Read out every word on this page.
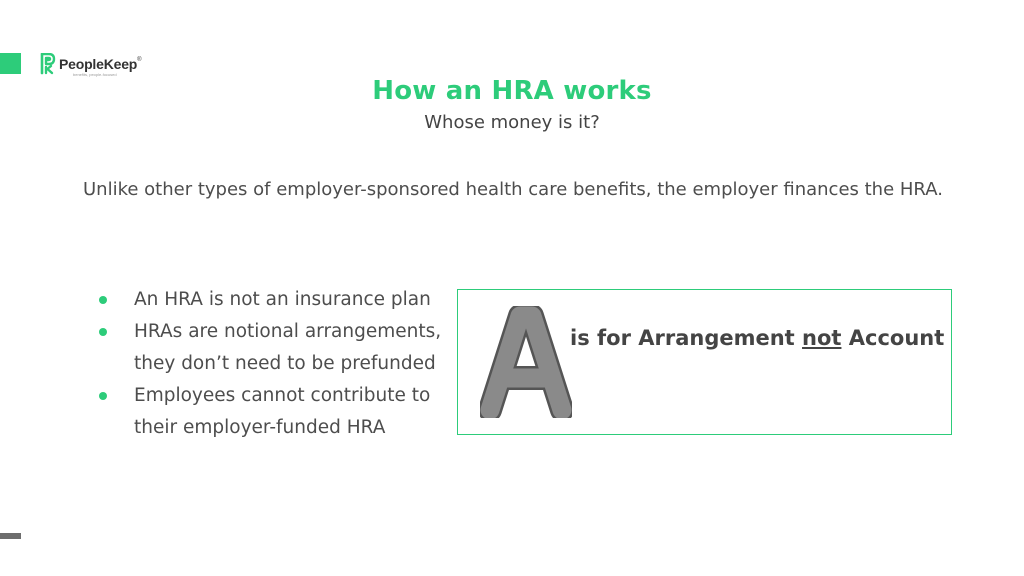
PeopleKeep®
benefits, people-focused
How an HRA works
Whose money is it?
Unlike other types of employer-sponsored health care benefits, the employer finances the HRA.
An HRA is not an insurance plan
HRAs are notional arrangements, they don’t need to be prefunded
Employees cannot contribute to their employer-funded HRA
A
is for Arrangement not Account
